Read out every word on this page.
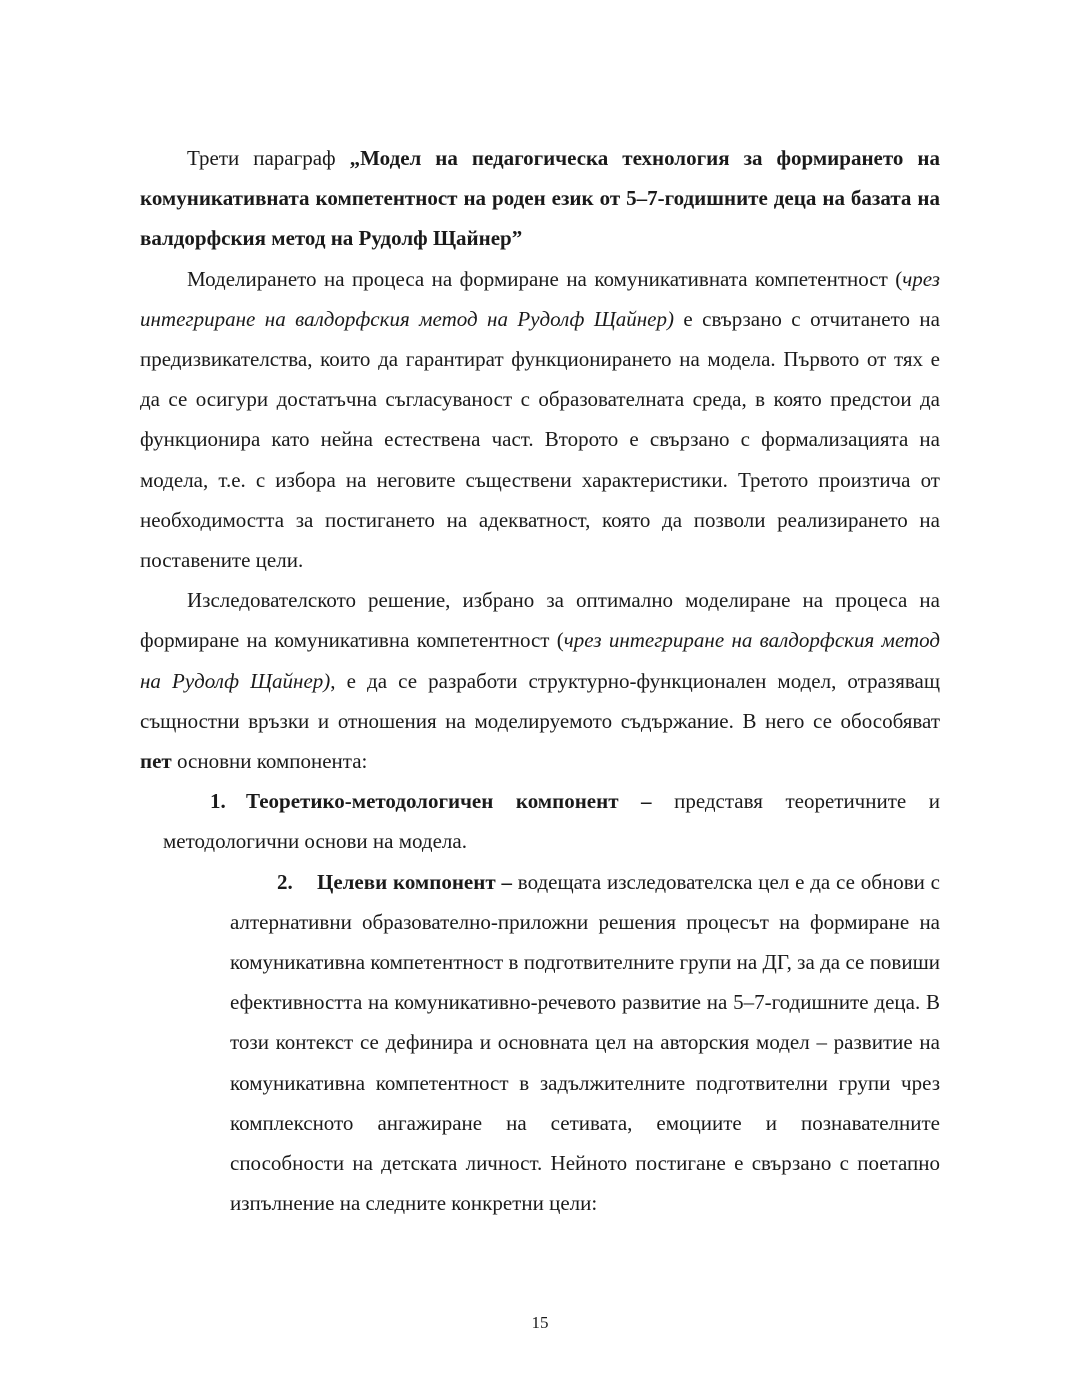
Трети параграф „Модел на педагогическа технология за формирането на комуникативната компетентност на роден език от 5–7-годишните деца на базата на валдорфския метод на Рудолф Щайнер”

Моделирането на процеса на формиране на комуникативната компетентност (чрез интегриране на валдорфския метод на Рудолф Щайнер) е свързано с отчитането на предизвикателства, които да гарантират функционирането на модела. Първото от тях е да се осигури достатъчна съгласуваност с образователната среда, в която предстои да функционира като нейна естествена част. Второто е свързано с формализацията на модела, т.е. с избора на неговите съществени характеристики. Третото произтича от необходимостта за постигането на адекватност, която да позволи реализирането на поставените цели.

Изследователското решение, избрано за оптимално моделиране на процеса на формиране на комуникативна компетентност (чрез интегриране на валдорфския метод на Рудолф Щайнер), е да се разработи структурно-функционален модел, отразяващ същностни връзки и отношения на моделируемото съдържание. В него се обособяват пет основни компонента:

1. Теоретико-методологичен компонент – представя теоретичните и методологични основи на модела.

2. Целеви компонент – водещата изследователска цел е да се обнови с алтернативни образователно-приложни решения процесът на формиране на комуникативна компетентност в подготвителните групи на ДГ, за да се повиши ефективността на комуникативно-речевото развитие на 5–7-годишните деца. В този контекст се дефинира и основната цел на авторския модел – развитие на комуникативна компетентност в задължителните подготвителни групи чрез комплексното ангажиране на сетивата, емоциите и познавателните способности на детската личност. Нейното постигане е свързано с поетапно изпълнение на следните конкретни цели:

15
